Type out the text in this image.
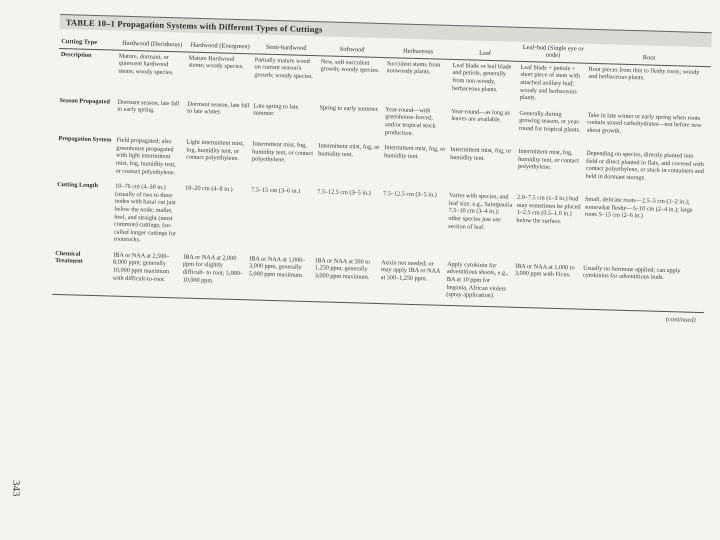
343
TABLE 10–1 Propagation Systems with Different Types of Cuttings
Cutting Type	Hardwood (Deciduous)	Hardwood (Evergreen)	Semi-hardwood	Softwood	Herbaceous	Leaf	Leaf-bud (Single eye or node)	Root
Description	Mature, dormant, or quiescent hardwood stems; woody species.	Mature Hardwood stems; woody species.	Partially mature wood on current season's growth; woody species.	New, soft succulent growth; woody species.	Succulent stems from nonwoody plants.	Leaf blade or leaf blade and petiole, generally from non-woody, herbaceous plants.	Leaf blade + petiole + short piece of stem with attached axillary bud; woody and herbaceous plants.	Root pieces from thin to fleshy roots; woody and herbaceous plants.
Season Propagated	Dormant season, late fall to early spring.	Dormant season, late fall to late winter.	Late spring to late summer.	Spring to early summer.	Year-round—with greenhouse-forced, and/or tropical stock production.	Year-round—as long as leaves are available.	Generally during growing season, or year-round for tropical plants.	Take in late winter or early spring when roots contain stored carbohydrates—not before new shoot growth.
Propagation System	Field propagated; also greenhouse propagated with light intermittent mist, fog, humidity tent, or contact polyethylene.	Light intermittent mist, fog, humidity tent, or contact polyethylene.	Intermittent mist, fog, humidity tent, or contact polyethylene.	Intermittent mist, fog, or humidity tent.	Intermittent mist, fog, or humidity tent.	Intermittent mist, fog, or humidity tent.	Intermittent mist, fog, humidity tent, or contact polyethylene.	Depending on species, directly planted into field or direct planted in flats, and covered with contact polyethylene, or stuck in containers and held in dormant storage.
Cutting Length	10–76 cm (4–30 in.) (usually of two to three nodes with basal cut just below the node; mallet, heel, and straight (most common) cuttings; (so-called longer cuttings for rootstocks.	10–20 cm (4–8 in.)	7.5–15 cm (3–6 in.)	7.5–12.5 cm (3–5 in.)	7.5–12.5 cm (3–5 in.)	Varies with species, and leaf size, e.g., Saintpaulia 7.5–10 cm (3–4 in.); other species just use section of leaf.	2.0–7.5 cm (1–3 in.) bud may sometimes be placed 1–2.5 cm (0.5–1.0 in.) below the surface.	Small, delicate roots—2.5–5 cm (1–2 in.); somewhat fleshy—5–10 cm (2–4 in.); large roots 5–15 cm (2–6 in.)
Chemical Treatment	IBA or NAA at 2,500–8,000 ppm; generally 10,000 ppm maximum with difficult-to-root.	IBA or NAA at 2,000 ppm for slightly difficult- to root; 5,000–10,000 ppm.	IBA or NAA at 1,000–3,000 ppm, generally 5,000 ppm maximum.	IBA or NAA at 500 to 1,250 ppm, generally 3,000 ppm maximum.	Auxin not needed; or may apply IBA or NAA at 500–1,250 ppm.	Apply cytokinin for adventitious shoots, e.g., BA at 10 ppm for begonia, African violets (spray application).	IBA or NAA at 1,000 to 3,000 ppm with Ficus.	Usually no hormone applied; can apply cytokinins for adventitious buds.
(continued)
